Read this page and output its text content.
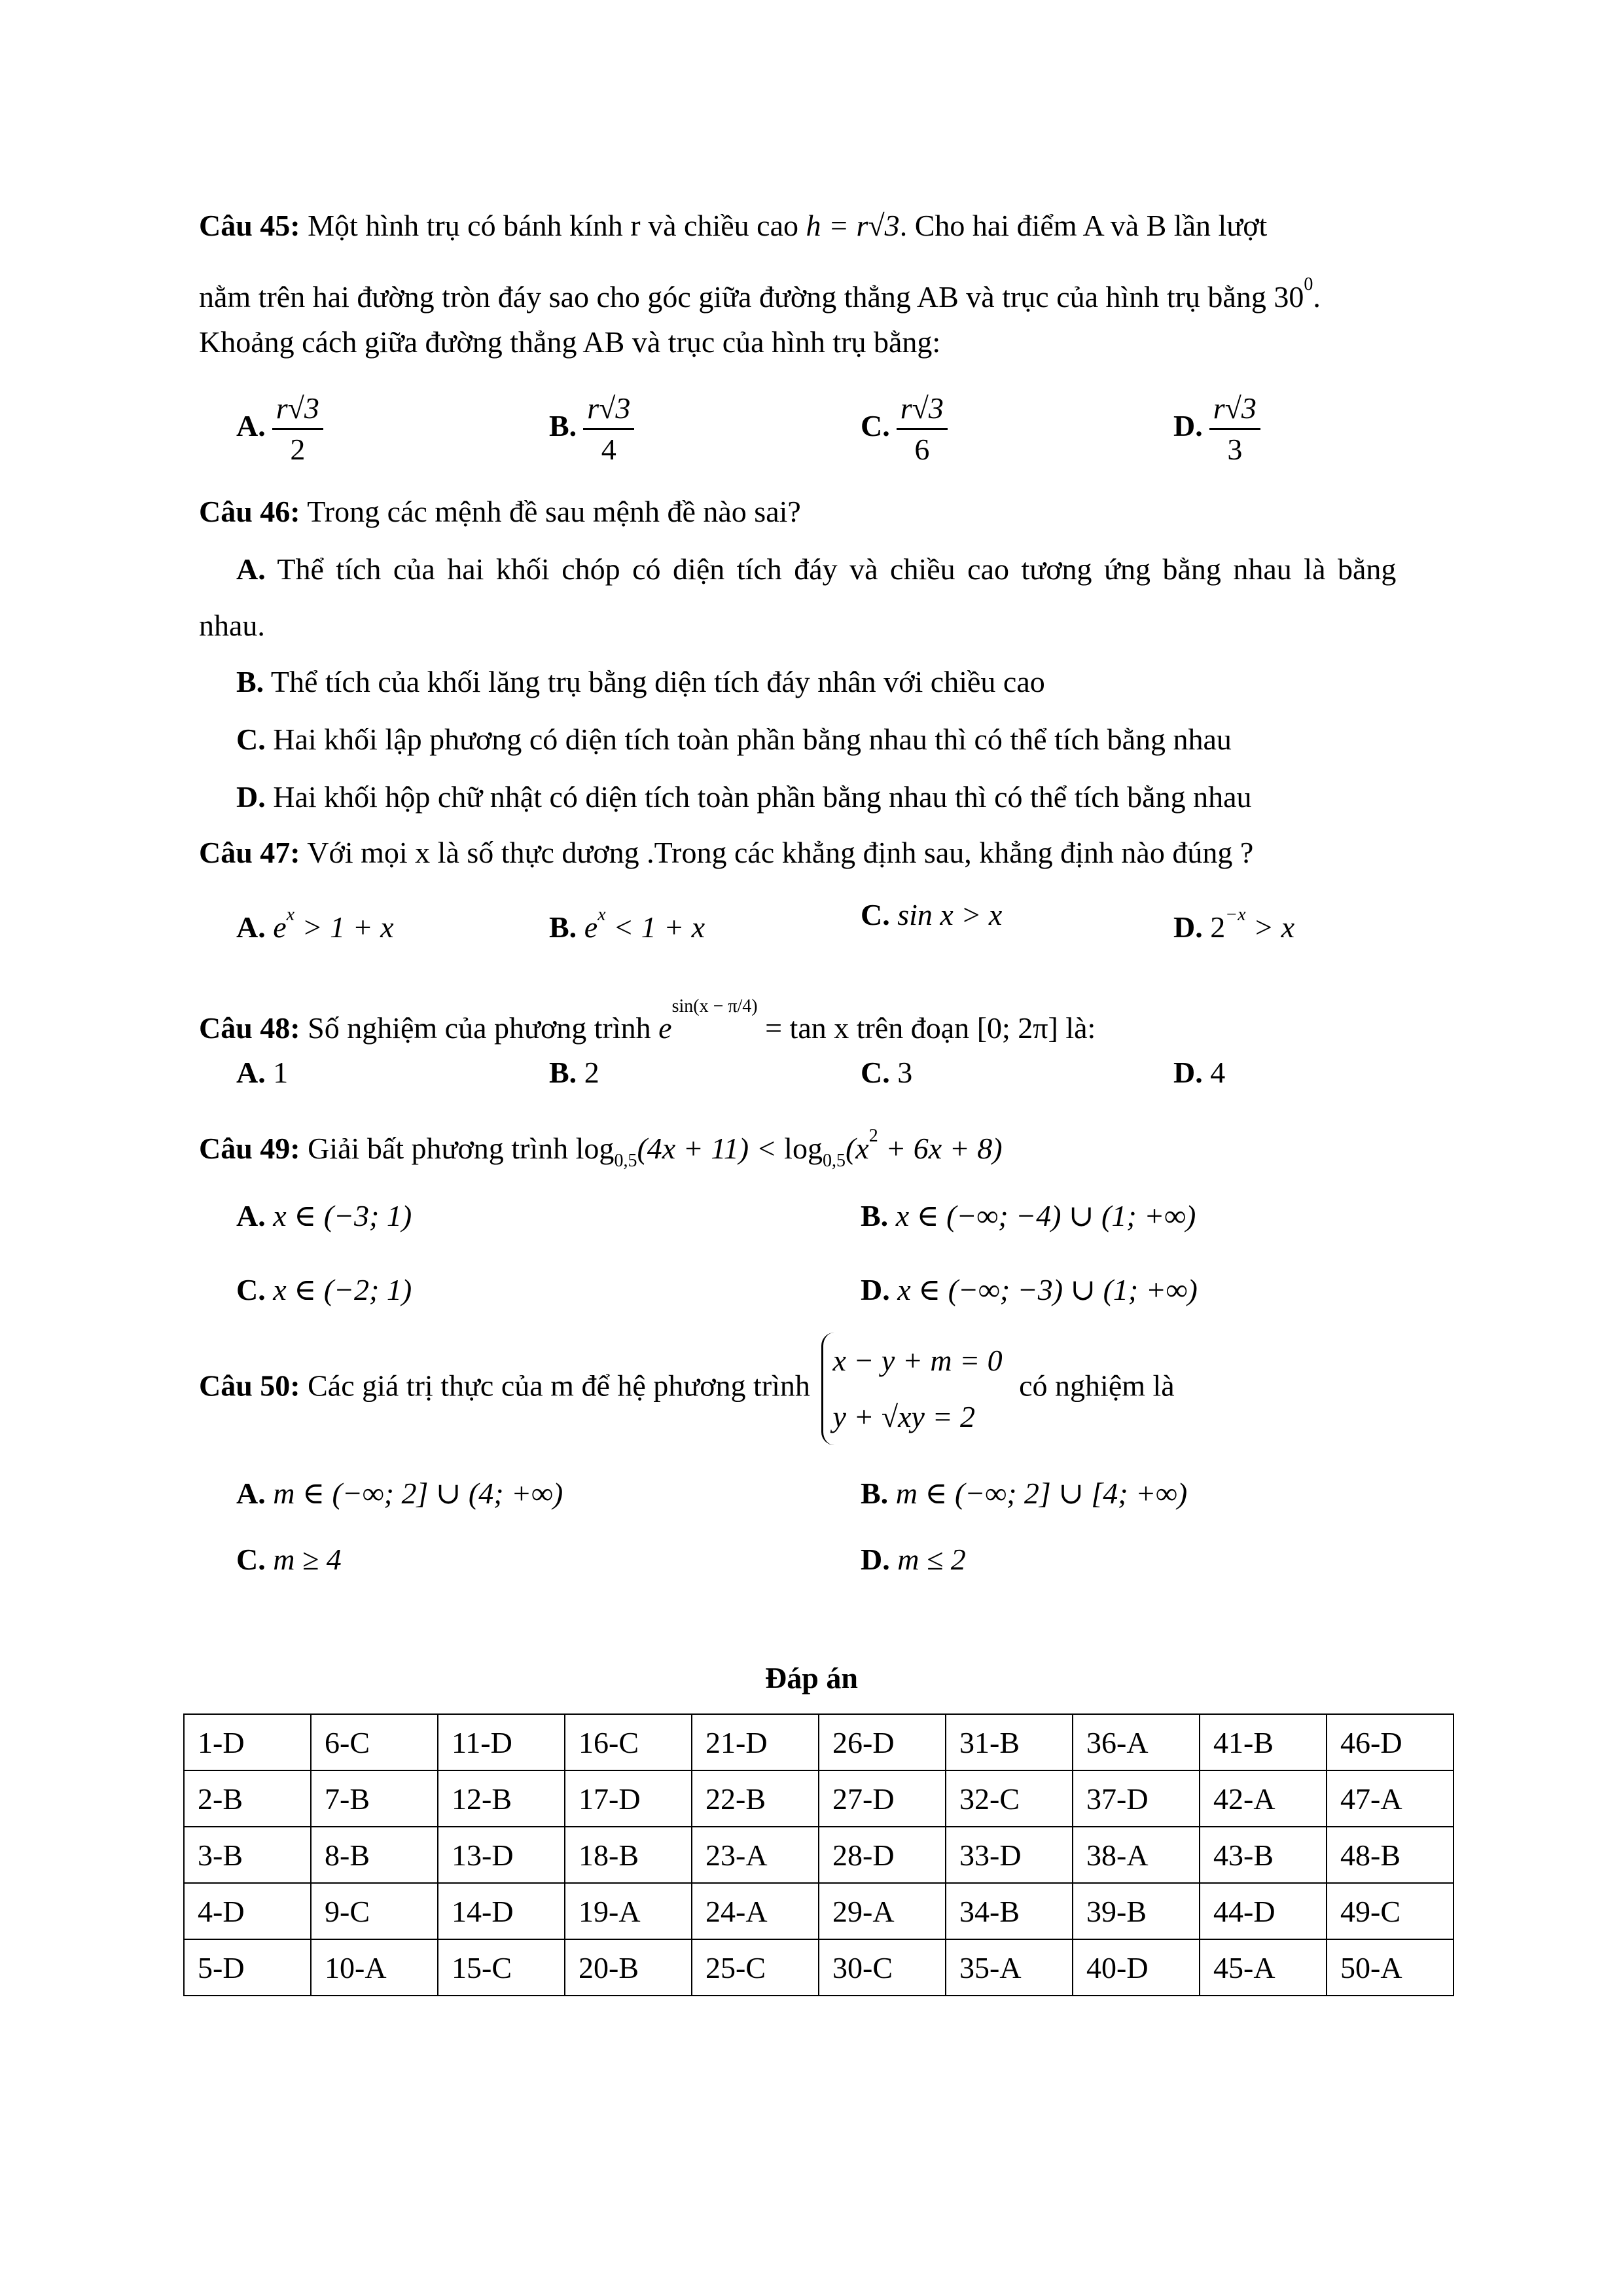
Câu 45: Một hình trụ có bánh kính r và chiều cao h = r√3. Cho hai điểm A và B lần lượt
nằm trên hai đường tròn đáy sao cho góc giữa đường thẳng AB và trục của hình trụ bằng $30^0$.
Khoảng cách giữa đường thẳng AB và trục của hình trụ bằng:
A. $\frac{r√3}{2}$	B. $\frac{r√3}{4}$	C. $\frac{r√3}{6}$	D. $\frac{r√3}{3}$
Câu 46: Trong các mệnh đề sau mệnh đề nào sai?
A. Thể tích của hai khối chóp có diện tích đáy và chiều cao tương ứng bằng nhau là bằng
nhau.
B. Thể tích của khối lăng trụ bằng diện tích đáy nhân với chiều cao
C. Hai khối lập phương có diện tích toàn phần bằng nhau thì có thể tích bằng nhau
D. Hai khối hộp chữ nhật có diện tích toàn phần bằng nhau thì có thể tích bằng nhau
Câu 47: Với mọi x là số thực dương .Trong các khẳng định sau, khẳng định nào đúng ?
A. $e^x > 1 + x$	B. $e^x < 1 + x$	C. sin x > x	D. $2^{-x} > x$
Câu 48: Số nghiệm của phương trình $e^{sin(x - \pi/4)} = \tan x$ trên đoạn [0; 2π] là:
A. 1	B. 2	C. 3	D. 4
Câu 49: Giải bất phương trình $\log_{0,5}(4x + 11) < \log_{0,5}(x^2 + 6x + 8)$
A. x ∈ (−3; 1)	B. x ∈ (−∞; −4) ∪ (1; +∞)
C. x ∈ (−2; 1)	D. x ∈ (−∞; −3) ∪ (1; +∞)
Câu 50: Các giá trị thực của m để hệ phương trình
x − y + m = 0
y + √xy = 2
có nghiệm là
A. m ∈ (−∞; 2] ∪ (4; +∞)	B. m ∈ (−∞; 2] ∪ [4; +∞)
C. m ≥ 4	D. m ≤ 2
Đáp án
1-D	6-C	11-D	16-C	21-D	26-D	31-B	36-A	41-B	46-D
2-B	7-B	12-B	17-D	22-B	27-D	32-C	37-D	42-A	47-A
3-B	8-B	13-D	18-B	23-A	28-D	33-D	38-A	43-B	48-B
4-D	9-C	14-D	19-A	24-A	29-A	34-B	39-B	44-D	49-C
5-D	10-A	15-C	20-B	25-C	30-C	35-A	40-D	45-A	50-A
